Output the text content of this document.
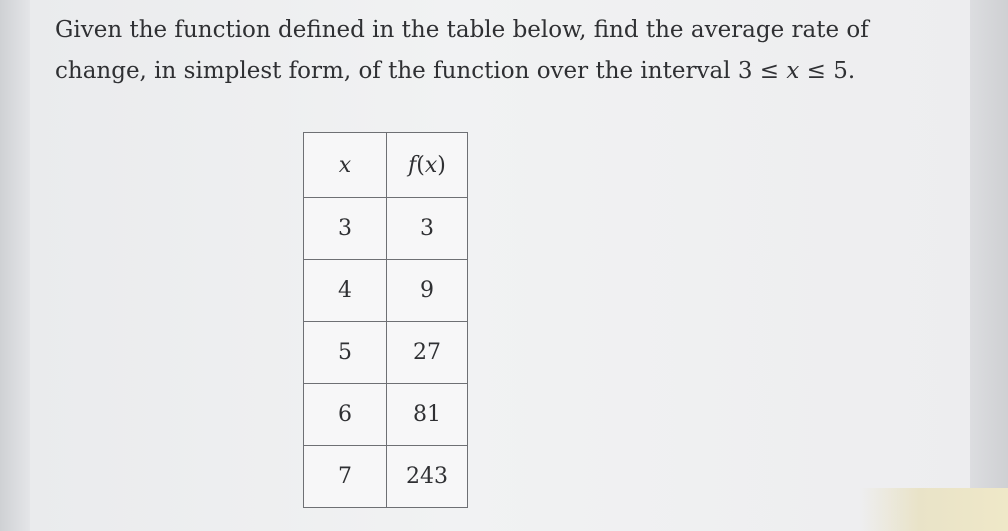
Given the function defined in the table below, find the average rate of change, in simplest form, of the function over the interval 3 ≤ x ≤ 5.

x	f(x)
3	3
4	9
5	27
6	81
7	243
